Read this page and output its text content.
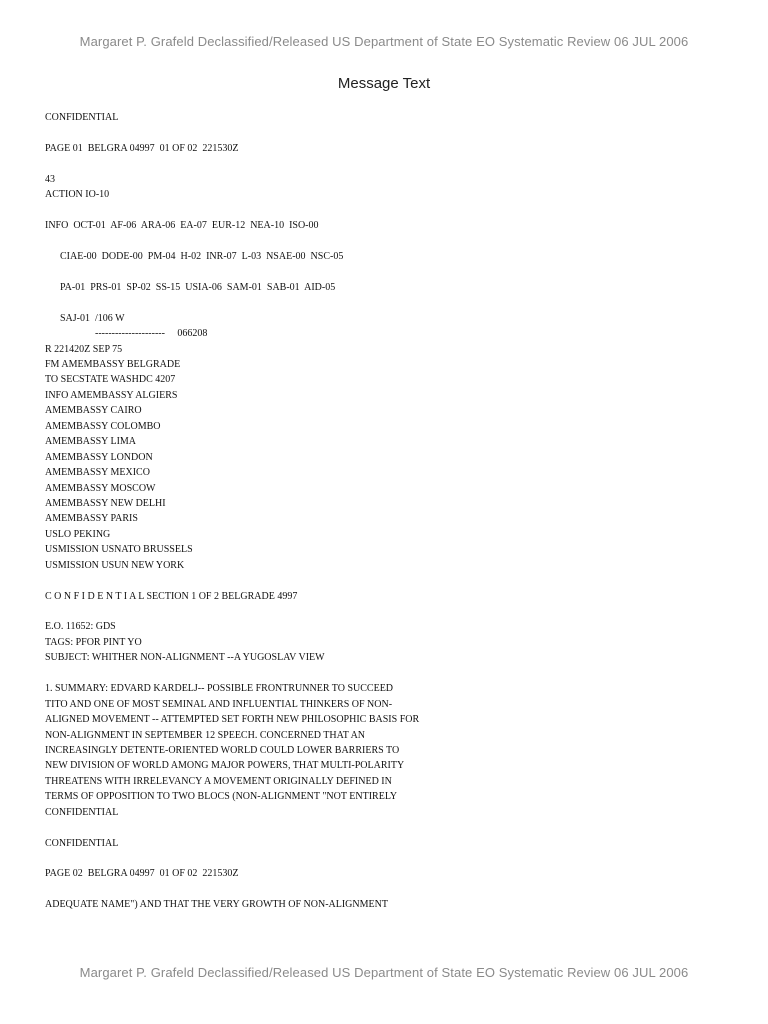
Margaret P. Grafeld Declassified/Released US Department of State EO Systematic Review 06 JUL 2006
Message Text
CONFIDENTIAL
PAGE 01  BELGRA 04997  01 OF 02  221530Z
43
ACTION IO-10
INFO  OCT-01  AF-06  ARA-06  EA-07  EUR-12  NEA-10  ISO-00
CIAE-00  DODE-00  PM-04  H-02  INR-07  L-03  NSAE-00  NSC-05
PA-01  PRS-01  SP-02  SS-15  USIA-06  SAM-01  SAB-01  AID-05
SAJ-01  /106 W
---------------------     066208
R 221420Z SEP 75
FM AMEMBASSY BELGRADE
TO SECSTATE WASHDC 4207
INFO AMEMBASSY ALGIERS
AMEMBASSY CAIRO
AMEMBASSY COLOMBO
AMEMBASSY LIMA
AMEMBASSY LONDON
AMEMBASSY MEXICO
AMEMBASSY MOSCOW
AMEMBASSY NEW DELHI
AMEMBASSY PARIS
USLO PEKING
USMISSION USNATO BRUSSELS
USMISSION USUN NEW YORK
C O N F I D E N T I A L SECTION 1 OF 2 BELGRADE 4997
E.O. 11652: GDS
TAGS: PFOR PINT YO
SUBJECT: WHITHER NON-ALIGNMENT --A YUGOSLAV VIEW
1. SUMMARY: EDVARD KARDELJ-- POSSIBLE FRONTRUNNER TO SUCCEED
TITO AND ONE OF MOST SEMINAL AND INFLUENTIAL THINKERS OF NON-
ALIGNED MOVEMENT -- ATTEMPTED SET FORTH NEW PHILOSOPHIC BASIS FOR
NON-ALIGNMENT IN SEPTEMBER 12 SPEECH. CONCERNED THAT AN
INCREASINGLY DETENTE-ORIENTED WORLD COULD LOWER BARRIERS TO
NEW DIVISION OF WORLD AMONG MAJOR POWERS, THAT MULTI-POLARITY
THREATENS WITH IRRELEVANCY A MOVEMENT ORIGINALLY DEFINED IN
TERMS OF OPPOSITION TO TWO BLOCS (NON-ALIGNMENT "NOT ENTIRELY
CONFIDENTIAL
CONFIDENTIAL
PAGE 02  BELGRA 04997  01 OF 02  221530Z
ADEQUATE NAME") AND THAT THE VERY GROWTH OF NON-ALIGNMENT
Margaret P. Grafeld Declassified/Released US Department of State EO Systematic Review 06 JUL 2006
